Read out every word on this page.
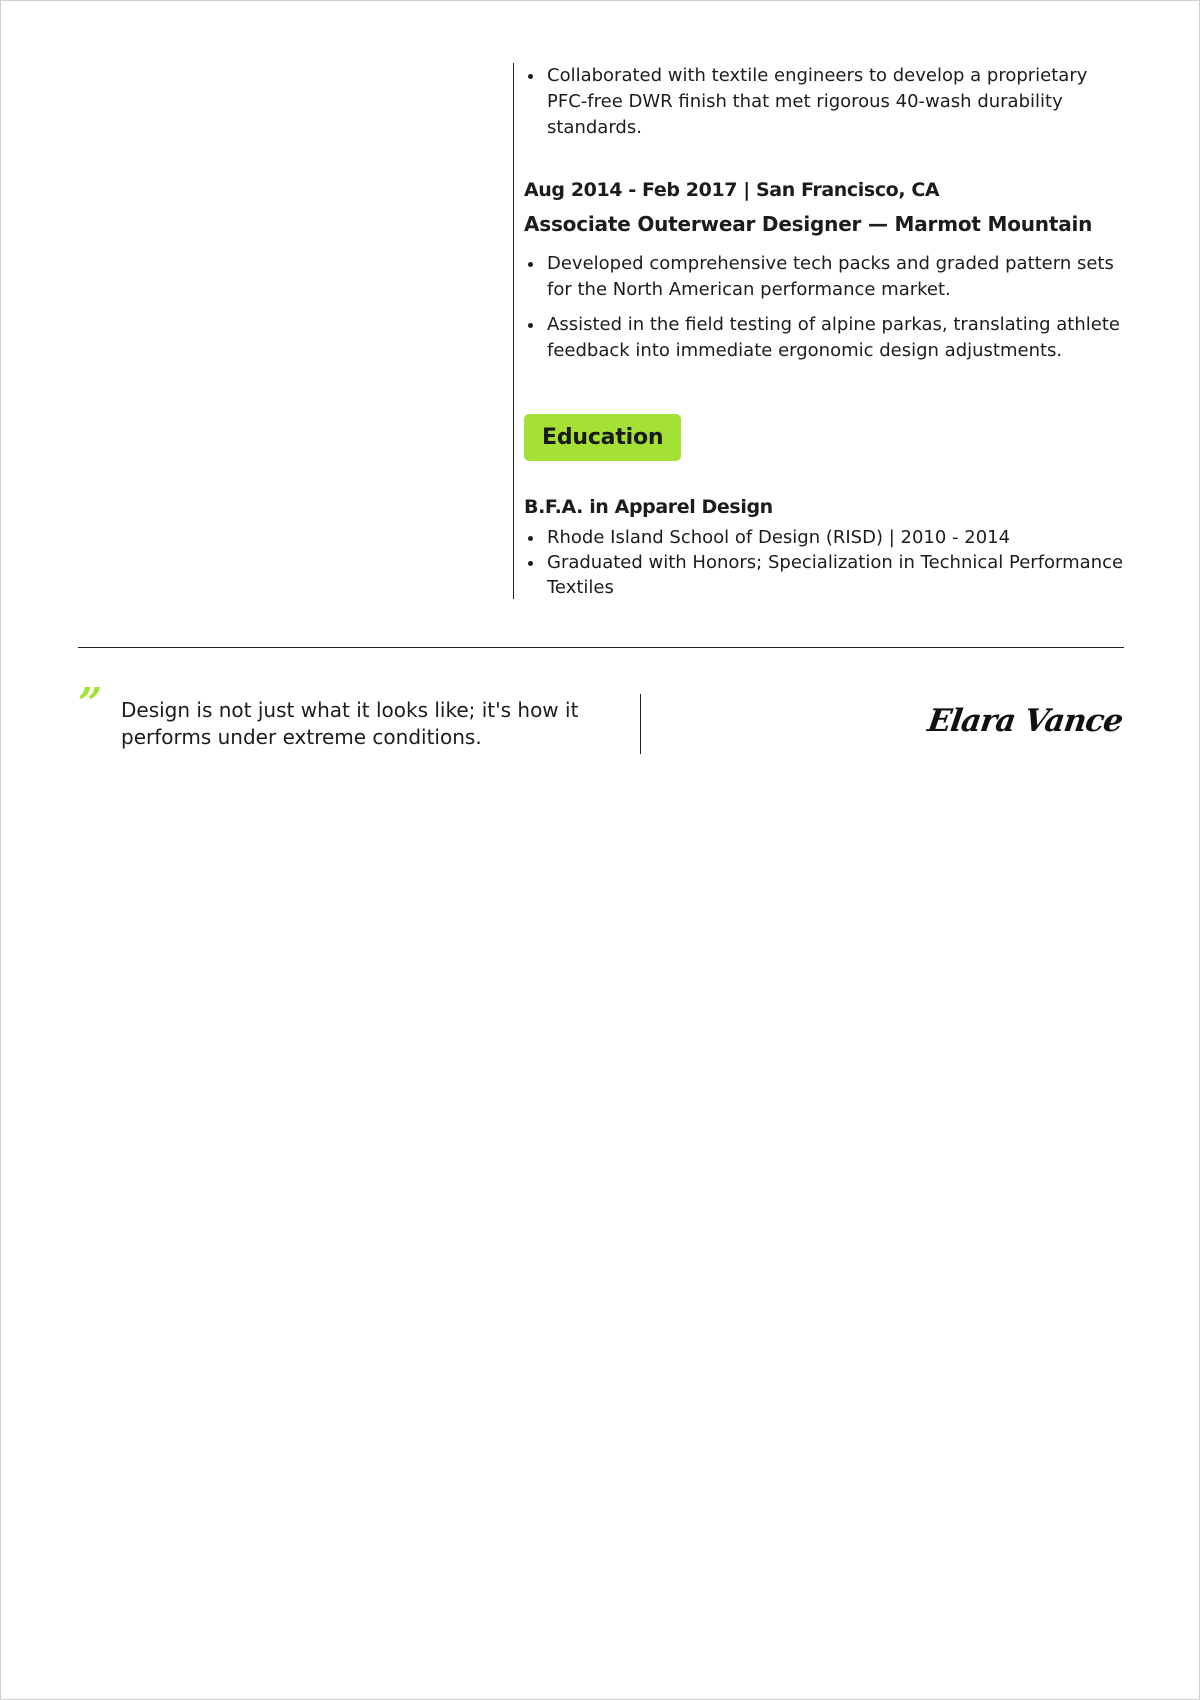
• Collaborated with textile engineers to develop a proprietary PFC-free DWR finish that met rigorous 40-wash durability standards.
Aug 2014 - Feb 2017 | San Francisco, CA
Associate Outerwear Designer — Marmot Mountain
• Developed comprehensive tech packs and graded pattern sets for the North American performance market.
• Assisted in the field testing of alpine parkas, translating athlete feedback into immediate ergonomic design adjustments.
Education
B.F.A. in Apparel Design
• Rhode Island School of Design (RISD) | 2010 - 2014
• Graduated with Honors; Specialization in Technical Performance Textiles
” Design is not just what it looks like; it's how it performs under extreme conditions.	Elara Vance
